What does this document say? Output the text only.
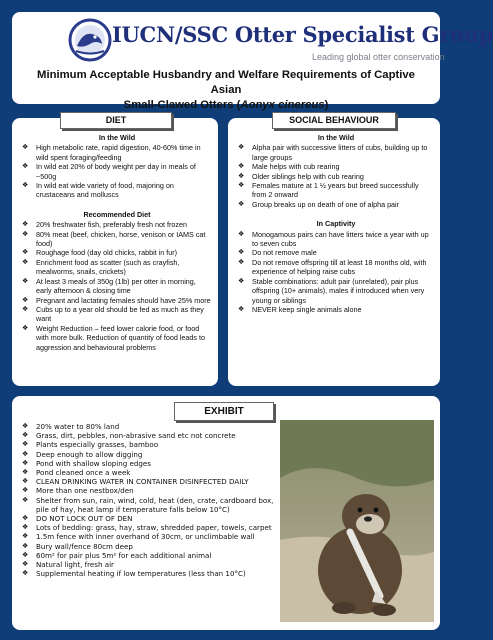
IUCN/SSC Otter Specialist Group
Leading global otter conservation
Minimum Acceptable Husbandry and Welfare Requirements of Captive Asian
Small-Clawed Otters (Aonyx cinereus)
DIET
In the Wild
❖ High metabolic rate, rapid digestion, 40-60% time in wild spent foraging/feeding
❖ In wild eat 20% of body weight per day in meals of ~500g
❖ In wild eat wide variety of food, majoring on crustaceans and molluscs
Recommended Diet
❖ 20% freshwater fish, preferably fresh not frozen
❖ 80% meat (beef, chicken, horse, venison or IAMS cat food)
❖ Roughage food (day old chicks, rabbit in fur)
❖ Enrichment food as scatter (such as crayfish, mealworms, snails, crickets)
❖ At least 3 meals of 350g (1lb) per otter in morning, early afternoon & closing time
❖ Pregnant and lactating females should have 25% more
❖ Cubs up to a year old should be fed as much as they want
❖ Weight Reduction – feed lower calorie food, or food with more bulk. Reduction of quantity of food leads to aggression and behavioural problems
SOCIAL BEHAVIOUR
In the Wild
❖ Alpha pair with successive litters of cubs, building up to large groups
❖ Male helps with cub rearing
❖ Older siblings help with cub rearing
❖ Females mature at 1 ½ years but breed successfully from 2 onward
❖ Group breaks up on death of one of alpha pair
In Captivity
❖ Monogamous pairs can have litters twice a year with up to seven cubs
❖ Do not remove male
❖ Do not remove offspring till at least 18 months old, with experience of helping raise cubs
❖ Stable combinations: adult pair (unrelated), pair plus offspring (10+ animals), males if introduced when very young or siblings
❖ NEVER keep single animals alone
EXHIBIT
❖ 20% water to 80% land
❖ Grass, dirt, pebbles, non-abrasive sand etc not concrete
❖ Plants especially grasses, bamboo
❖ Deep enough to allow digging
❖ Pond with shallow sloping edges
❖ Pond cleaned once a week
❖ CLEAN DRINKING WATER IN CONTAINER DISINFECTED DAILY
❖ More than one nestbox/den
❖ Shelter from sun, rain, wind, cold, heat (den, crate, cardboard box, pile of hay, heat lamp if temperature falls below 10°C)
❖ DO NOT LOCK OUT OF DEN
❖ Lots of bedding: grass, hay, straw, shredded paper, towels, carpet
❖ 1.5m fence with inner overhand of 30cm, or unclimbable wall
❖ Bury wall/fence 80cm deep
❖ 60m² for pair plus 5m² for each additional animal
❖ Natural light, fresh air
❖ Supplemental heating if low temperatures (less than 10°C)
